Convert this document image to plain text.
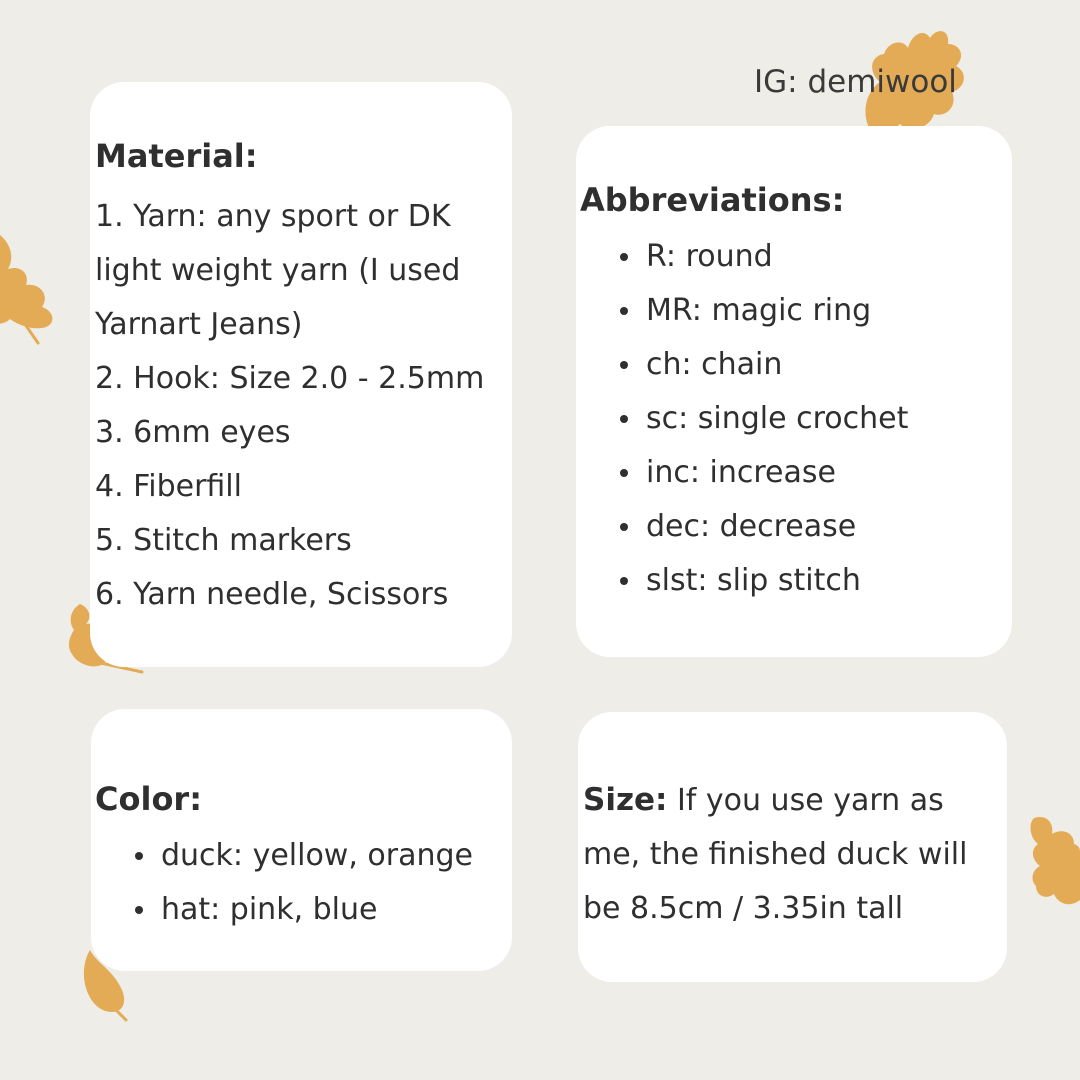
IG: demiwool
Material:
1. Yarn: any sport or DK
light weight yarn (I used
Yarnart Jeans)
2. Hook: Size 2.0 - 2.5mm
3. 6mm eyes
4. Fiberfill
5. Stitch markers
6. Yarn needle, Scissors
Abbreviations:
R: round
MR: magic ring
ch: chain
sc: single crochet
inc: increase
dec: decrease
slst: slip stitch
Color:
duck: yellow, orange
hat: pink, blue
Size: If you use yarn as
me, the finished duck will
be 8.5cm / 3.35in tall
